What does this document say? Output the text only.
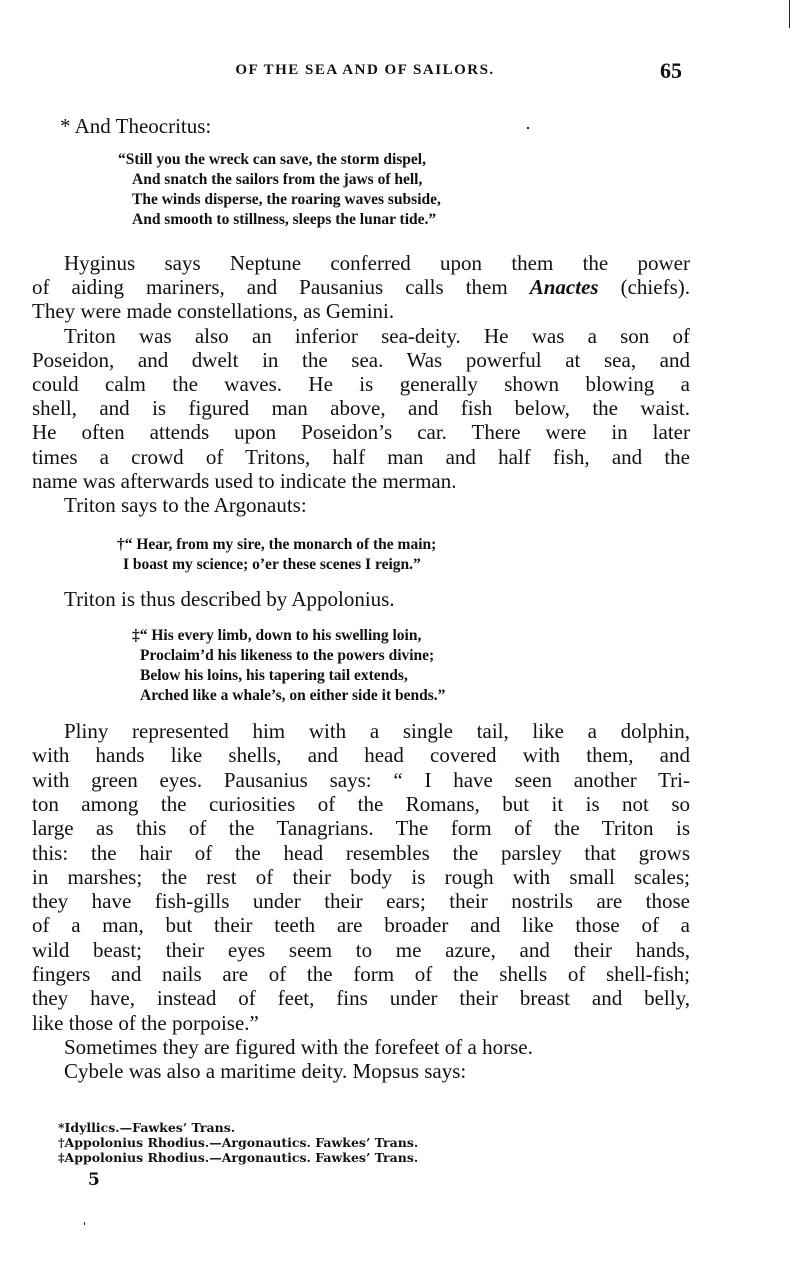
OF THE SEA AND OF SAILORS.	65
* And Theocritus:
Triton is thus described by Appolonius.
5
Hyginus says Neptune conferred upon them the power
of aiding mariners, and Pausanius calls them Anactes (chiefs).
They were made constellations, as Gemini.
Triton was also an inferior sea-deity. He was a son of
Poseidon, and dwelt in the sea. Was powerful at sea, and
could calm the waves. He is generally shown blowing a
shell, and is figured man above, and fish below, the waist.
He often attends upon Poseidon’s car. There were in later
times a crowd of Tritons, half man and half fish, and the
name was afterwards used to indicate the merman.
Triton says to the Argonauts:
Pliny represented him with a single tail, like a dolphin,
with hands like shells, and head covered with them, and
with green eyes. Pausanius says: “ I have seen another Tri-
ton among the curiosities of the Romans, but it is not so
large as this of the Tanagrians. The form of the Triton is
this: the hair of the head resembles the parsley that grows
in marshes; the rest of their body is rough with small scales;
they have fish-gills under their ears; their nostrils are those
of a man, but their teeth are broader and like those of a
wild beast; their eyes seem to me azure, and their hands,
fingers and nails are of the form of the shells of shell-fish;
they have, instead of feet, fins under their breast and belly,
like those of the porpoise.”
Sometimes they are figured with the forefeet of a horse.
Cybele was also a maritime deity. Mopsus says:
“Still you the wreck can save, the storm dispel,
And snatch the sailors from the jaws of hell,
The winds disperse, the roaring waves subside,
And smooth to stillness, sleeps the lunar tide.”
†“ Hear, from my sire, the monarch of the main;
I boast my science; o’er these scenes I reign.”
‡“ His every limb, down to his swelling loin,
Proclaim’d his likeness to the powers divine;
Below his loins, his tapering tail extends,
Arched like a whale’s, on either side it bends.”
*Idyllics.—Fawkes’ Trans.
†Appolonius Rhodius.—Argonautics. Fawkes’ Trans.
‡Appolonius Rhodius.—Argonautics. Fawkes’ Trans.
